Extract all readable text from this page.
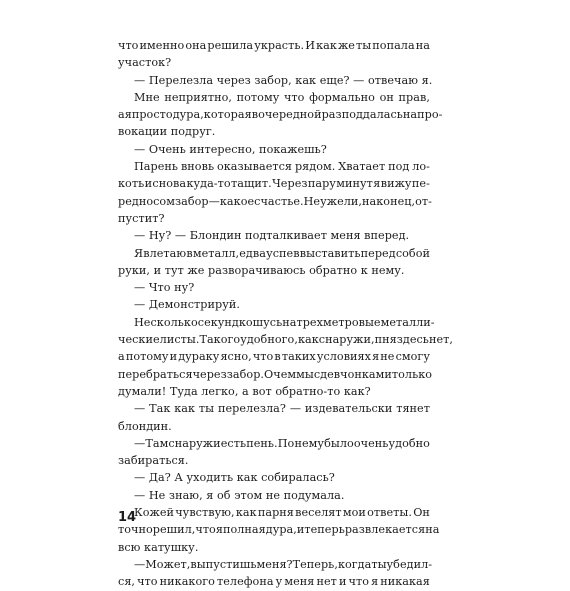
что именно она решила украсть. И как же ты попала на
участок?
— Перелезла через забор, как еще? — отвечаю я.
Мне неприятно, потому что формально он прав,
а я просто дура, которая в очередной раз поддалась на про-
вокации подруг.
— Очень интересно, покажешь?
Парень вновь оказывается рядом. Хватает под ло-
коть и снова куда-то тащит. Через пару минут я вижу пе-
ред носом забор — какое счастье. Неужели, наконец, от-
пустит?
— Ну? — Блондин подталкивает меня вперед.
Я влетаю в металл, едва успев выставить перед собой
руки, и тут же разворачиваюсь обратно к нему.
— Что ну?
— Демонстрируй.
Несколько секунд кошусь на трехметровые металли-
ческие листы. Такого удобного, как снаружи, пня здесь нет,
а потому и дураку ясно, что в таких условиях я не смогу
перебраться через забор. О чем мы с девчонками только
думали! Туда легко, а вот обратно-то как?
— Так как ты перелезла? — издевательски тянет
блондин.
— Там снаружи есть пень. По нему было очень удобно
забираться.
— Да? А уходить как собиралась?
— Не знаю, я об этом не подумала.
Кожей чувствую, как парня веселят мои ответы. Он
точно решил, что я полная дура, и теперь развлекается на
всю катушку.
— Может, выпустишь меня? Теперь, когда ты убедил-
ся, что никакого телефона у меня нет и что я никакая
14
